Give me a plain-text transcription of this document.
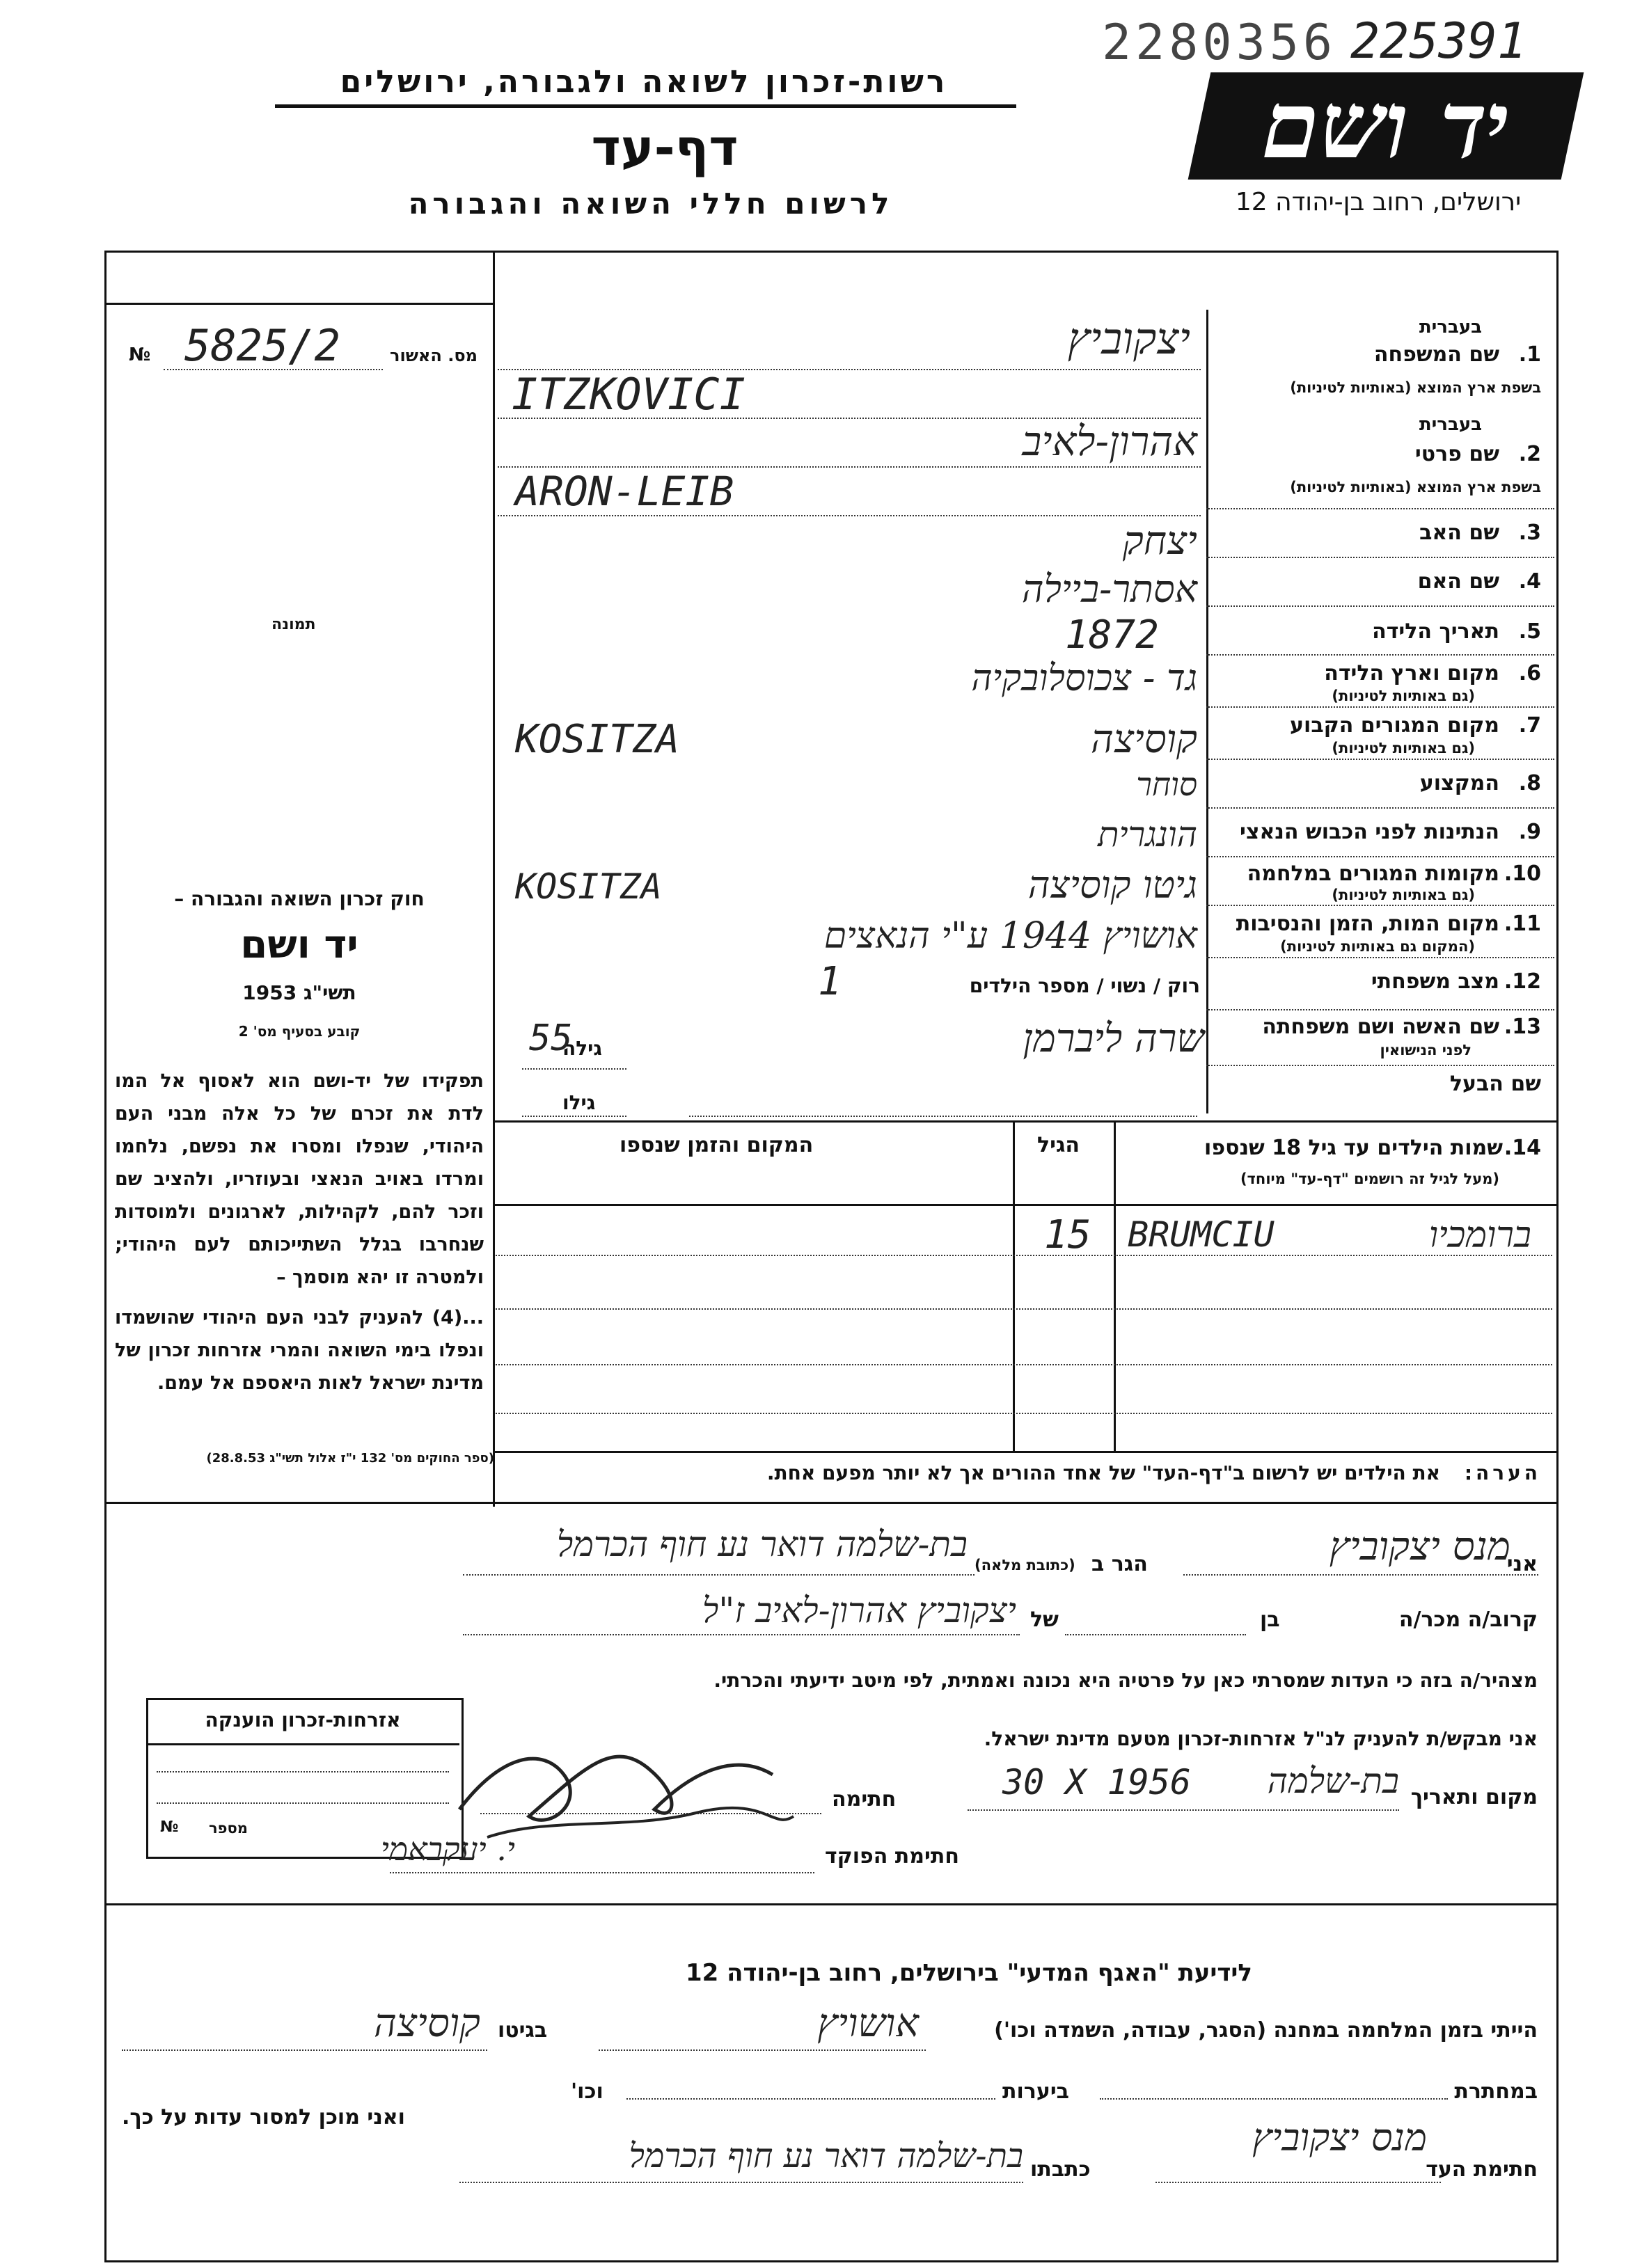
2280356 225391
רשות-זכרון לשואה ולגבורה, ירושלים
דף-עד
לרשום חללי השואה והגבורה
יד ושם
ירושלים, רחוב בן-יהודה 12
מס. האשור
№ 5825/2
תמונה
חוק זכרון השואה והגבורה –
יד ושם
תשי"ג 1953
קובע בסעיף מס' 2
תפקידו של יד-ושם הוא לאסוף אל המו לדת את זכרם של כל אלה מבני העם היהודי, שנפלו ומסרו את נפשם, נלחמו ומרדו באויב הנאצי ובעוזריו, ולהציב שם וזכר להם, לקהילות, לארגונים ולמוסדות שנחרבו בגלל השתייכותם לעם היהודי; ולמטרה זו יהא מוסמך –
...(4) להעניק לבני העם היהודי שהושמדו ונפלו בימי השואה והמרי אזרחות זכרון של מדינת ישראל לאות היאספם אל עמם.
(ספר החוקים מס' 132 י"ז אלול תשי"ג 28.8.53)
בעברית
1.
שם המשפחה
בשפת ארץ המוצא (באותיות לטיניות)
בעברית
2.
שם פרטי
בשפת ארץ המוצא (באותיות לטיניות)
3.
שם האב
4.
שם האם
5.
תאריך הלידה
6.
מקום וארץ הלידה
(גם באותיות לטיניות)
7.
מקום המגורים הקבוע
(גם באותיות לטיניות)
8.
המקצוע
9.
הנתינות לפני הכבוש הנאצי
10.
מקומות המגורים במלחמה
(גם באותיות לטיניות)
11.
מקום המות, הזמן והנסיבות
(המקום גם באותיות לטיניות)
12.
מצב משפחתי
רוק / נשוי / מספר הילדים
1
13.
שם האשה ושם משפחתה
לפני הנישואין
גילה
55
שם הבעל
גילו
יצקוביץ
ITZKOVICI
אהרון-לאיב
ARON-LEIB
יצחק
אסתר-ביילה
1872
גד - צכוסלובקיה
קוסיצה
KOSITZA
סוחר
הונגרית
גיטו קוסיצה
KOSITZA
אושויץ 1944 ע"י הנאצים
שרה ליברמן
14.
שמות הילדים עד גיל 18 שנספו
(מעל לגיל זה רושמים "דף-עד" מיוחד)
הגיל
המקום והזמן שנספו
ברומכיו
BRUMCIU
15
הערה:
את הילדים יש לרשום ב"דף-העד" של אחד ההורים אך לא יותר מפעם אחת.
אני
מנס יצקוביץ
הגר ב
(כתובת מלאה)
בת-שלמה דואר נע חוף הכרמל
קרוב/ה מכר/ה
בן
של
יצקוביץ אהרון-לאיב ז"ל
מצהיר/ה בזה כי העדות שמסרתי כאן על פרטיה היא נכונה ואמתית, לפי מיטב ידיעתי והכרתי.
אזרחות-זכרון הוענקה
מספר
№
אני מבקש/ת להעניק לנ"ל אזרחות-זכרון מטעם מדינת ישראל.
מקום ותאריך
בת-שלמה
30 X 1956
חתימה
חתימת הפוקד
י. יעקבאמי
לידיעת "האגף המדעי" בירושלים, רחוב בן-יהודה 12
הייתי בזמן המלחמה במחנה (הסגר, עבודה, השמדה וכו')
אושויץ
בגיטו
קוסיצה
במחתרת
ביערות
וכו'
ואני מוכן למסור עדות על כך.
חתימת העד
מנס יצקוביץ
כתבתו
בת-שלמה דואר נע חוף הכרמל
